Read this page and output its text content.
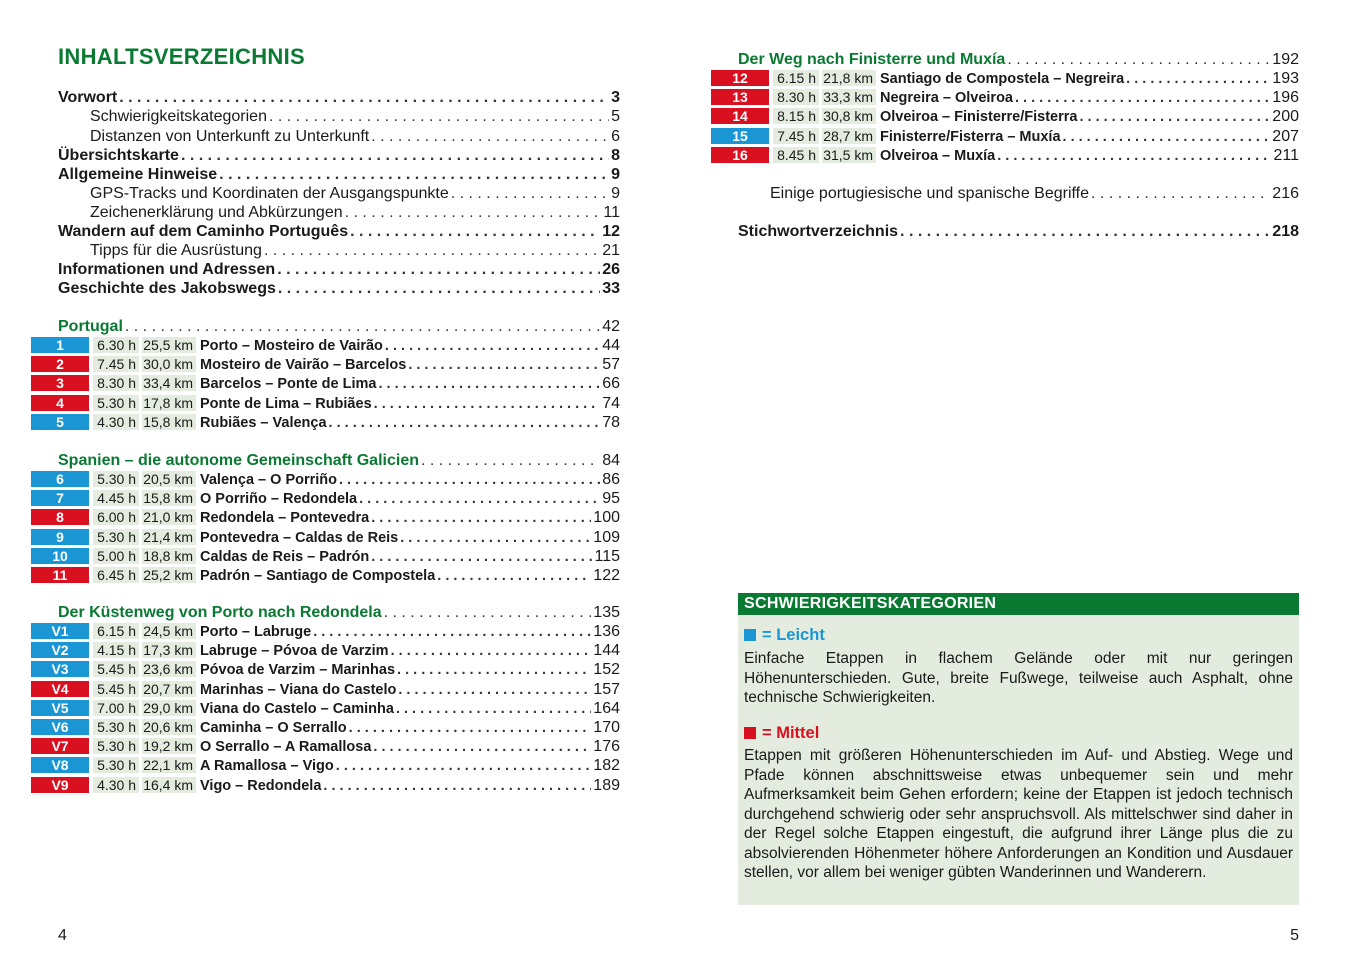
INHALTSVERZEICHNIS
Vorwort . . .	3
Schwierigkeitskategorien . . .	5
Distanzen von Unterkunft zu Unterkunft . . .	6
Übersichtskarte . . .	8
Allgemeine Hinweise . . .	9
GPS-Tracks und Koordinaten der Ausgangspunkte . . .	9
Zeichenerklärung und Abkürzungen . . .	11
Wandern auf dem Caminho Português . . .	12
Tipps für die Ausrüstung . . .	21
Informationen und Adressen . . .	26
Geschichte des Jakobswegs . . .	33
Portugal . . .	42
1	6.30 h 25,5 km Porto – Mosteiro de Vairão . . .	44
2	7.45 h 30,0 km Mosteiro de Vairão – Barcelos . . .	57
3	8.30 h 33,4 km Barcelos – Ponte de Lima . . .	66
4	5.30 h 17,8 km Ponte de Lima – Rubiães . . .	74
5	4.30 h 15,8 km Rubiães – Valença . . .	78
Spanien – die autonome Gemeinschaft Galicien . . .	84
6	5.30 h 20,5 km Valença – O Porriño . . .	86
7	4.45 h 15,8 km O Porriño – Redondela . . .	95
8	6.00 h 21,0 km Redondela – Pontevedra . . .	100
9	5.30 h 21,4 km Pontevedra – Caldas de Reis . . .	109
10	5.00 h 18,8 km Caldas de Reis – Padrón . . .	115
11	6.45 h 25,2 km Padrón – Santiago de Compostela . . .	122
Der Küstenweg von Porto nach Redondela . . .	135
V1	6.15 h 24,5 km Porto – Labruge . . .	136
V2	4.15 h 17,3 km Labruge – Póvoa de Varzim . . .	144
V3	5.45 h 23,6 km Póvoa de Varzim – Marinhas . . .	152
V4	5.45 h 20,7 km Marinhas – Viana do Castelo . . .	157
V5	7.00 h 29,0 km Viana do Castelo – Caminha . . .	164
V6	5.30 h 20,6 km Caminha – O Serrallo . . .	170
V7	5.30 h 19,2 km O Serrallo – A Ramallosa . . .	176
V8	5.30 h 22,1 km A Ramallosa – Vigo . . .	182
V9	4.30 h 16,4 km Vigo – Redondela . . .	189
4
Der Weg nach Finisterre und Muxía . . .	192
12	6.15 h 21,8 km Santiago de Compostela – Negreira . . .	193
13	8.30 h 33,3 km Negreira – Olveiroa . . .	196
14	8.15 h 30,8 km Olveiroa – Finisterre/Fisterra . . .	200
15	7.45 h 28,7 km Finisterre/Fisterra – Muxía . . .	207
16	8.45 h 31,5 km Olveiroa – Muxía . . .	211
Einige portugiesische und spanische Begriffe . . .	216
Stichwortverzeichnis . . .	218
SCHWIERIGKEITSKATEGORIEN
= Leicht
Einfache Etappen in flachem Gelände oder mit nur geringen Höhenunterschieden. Gute, breite Fußwege, teilweise auch Asphalt, ohne technische Schwierigkeiten.
= Mittel
Etappen mit größeren Höhenunterschieden im Auf- und Abstieg. Wege und Pfade können abschnittsweise etwas unbequemer sein und mehr Aufmerksamkeit beim Gehen erfordern; keine der Etappen ist jedoch technisch durchgehend schwierig oder sehr anspruchsvoll. Als mittelschwer sind daher in der Regel solche Etappen eingestuft, die aufgrund ihrer Länge plus die zu absolvierenden Höhenmeter höhere Anforderungen an Kondition und Ausdauer stellen, vor allem bei weniger gübten Wanderinnen und Wanderern.
5
